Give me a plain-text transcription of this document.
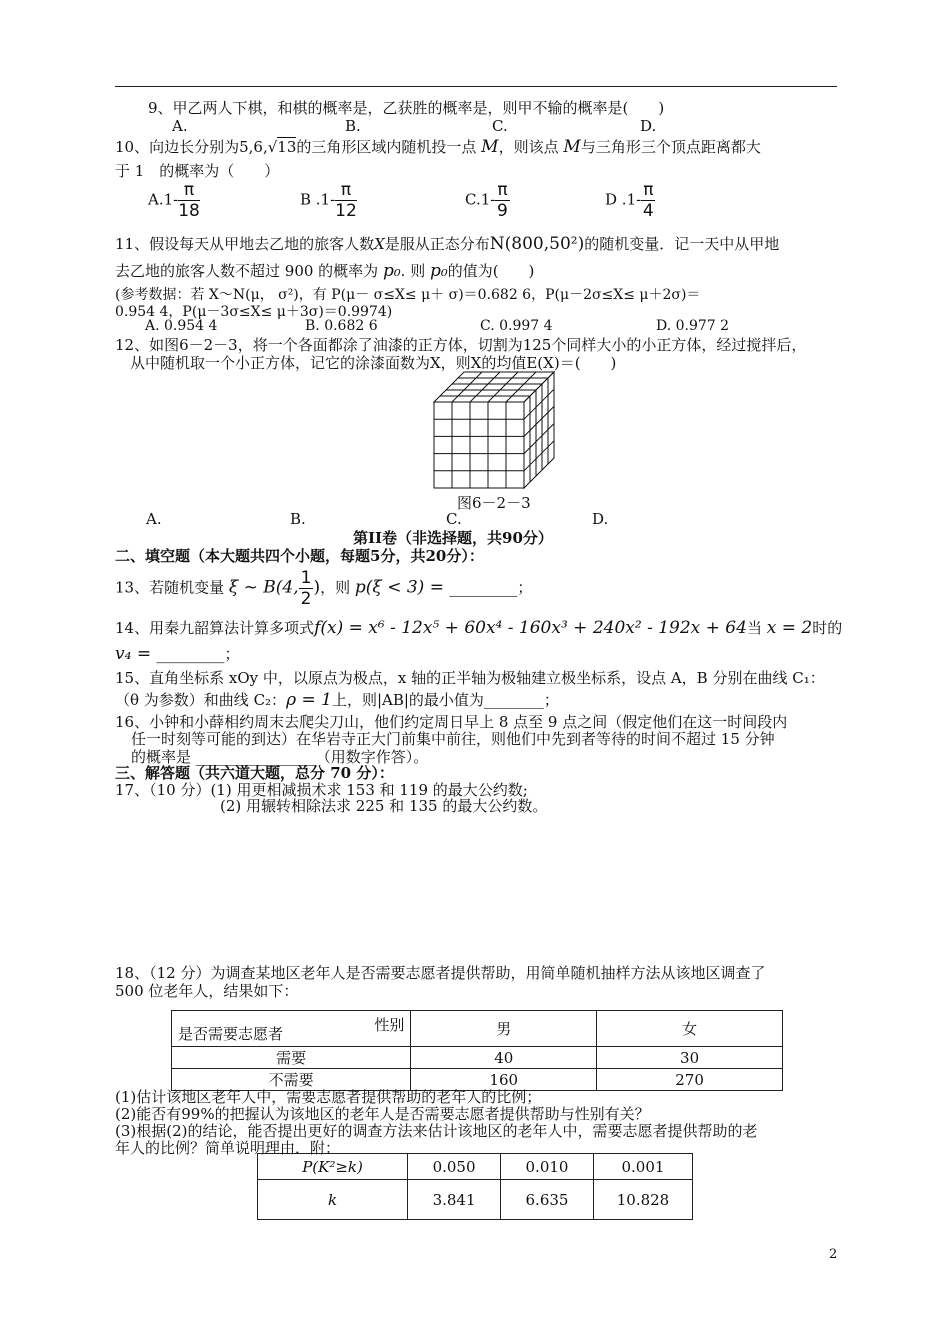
9、甲乙两人下棋，和棋的概率是，乙获胜的概率是，则甲不输的概率是(　　)
A.	B.	C.	D.
10、向边长分别为5,6,√13的三角形区域内随机投一点 M，则该点 M与三角形三个顶点距离都大
于 1　的概率为（　　）
$A.1- \frac{\pi}{18}$	B $.1- \frac{\pi}{12}$	$C.1- \frac{\pi}{9}$	D $.1- \frac{\pi}{4}$
11、假设每天从甲地去乙地的旅客人数X是服从正态分布N(800,50²)的随机变量．记一天中从甲地
去乙地的旅客人数不超过 900 的概率为 p₀. 则 p₀的值为(　　)
(参考数据：若 X～N(μ， σ²)，有 P(μ－ σ≤X≤ μ＋ σ)＝0.682 6，P(μ－2σ≤X≤ μ＋2σ)＝
0.954 4，P(μ－3σ≤X≤ μ＋3σ)＝0.9974)
A. 0.954 4	B. 0.682 6	C. 0.997 4	D. 0.977 2
12、如图6－2－3，将一个各面都涂了油漆的正方体，切割为125个同样大小的小正方体，经过搅拌后，
从中随机取一个小正方体，记它的涂漆面数为X，则X的均值E(X)＝(　　)
图6－2－3
A.	B.	C.	D.
第II卷（非选择题，共90分）
二、填空题（本大题共四个小题，每题5分，共20分）：
13、若随机变量 ξ ~ B(4, $\frac{1}{2}$ )，则 p(ξ < 3) = ________；
14、用秦九韶算法计算多项式f(x) = x⁶ - 12x⁵ + 60x⁴ - 160x³ + 240x² - 192x + 64当 x = 2时的
v₄ = ________；
15、直角坐标系 xOy 中，以原点为极点，x 轴的正半轴为极轴建立极坐标系，设点 A，B 分别在曲线 C₁：
（θ 为参数）和曲线 C₂：ρ = 1上，则|AB|的最小值为________；
16、小钟和小薛相约周末去爬尖刀山，他们约定周日早上 8 点至 9 点之间（假定他们在这一时间段内
任一时刻等可能的到达）在华岩寺正大门前集中前往，则他们中先到者等待的时间不超过 15 分钟
的概率是 ________________（用数字作答）。
三、解答题（共六道大题，总分 70 分）：
17、（10 分）(1) 用更相减损术求 153 和 119 的最大公约数;
(2) 用辗转相除法求 225 和 135 的最大公约数。
18、（12 分）为调查某地区老年人是否需要志愿者提供帮助，用简单随机抽样方法从该地区调查了
500 位老年人，结果如下：
性别
是否需要志愿者	男	女
需要	40	30
不需要	160	270
(1)估计该地区老年人中，需要志愿者提供帮助的老年人的比例；
(2)能否有99%的把握认为该地区的老年人是否需要志愿者提供帮助与性别有关？
(3)根据(2)的结论，能否提出更好的调查方法来估计该地区的老年人中，需要志愿者提供帮助的老
年人的比例？简单说明理由．附：
P(K²≥k)	0.050	0.010	0.001
k	3.841	6.635	10.828
2
